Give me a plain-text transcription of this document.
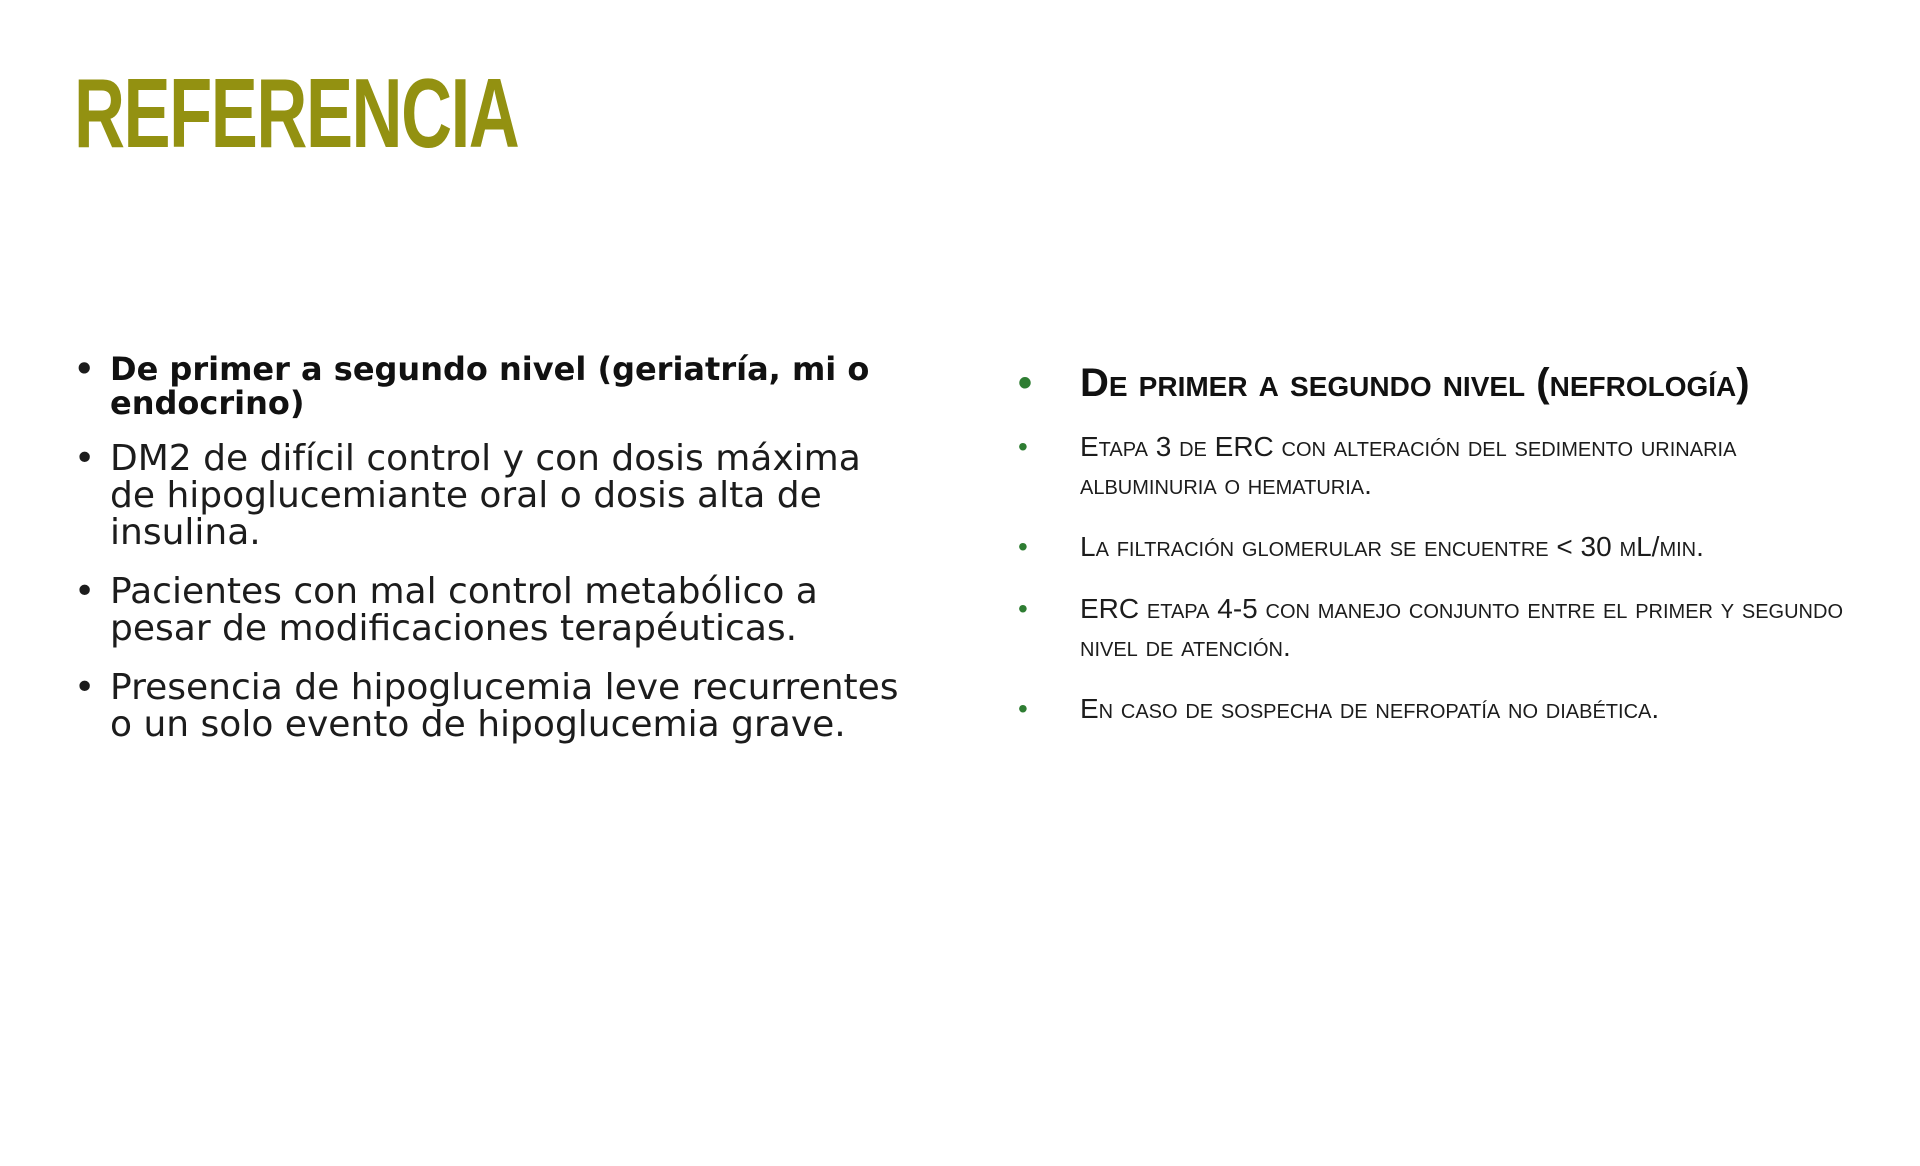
REFERENCIA
• De primer a segundo nivel (geriatría, mi o endocrino)
• DM2 de difícil control y con dosis máxima de hipoglucemiante oral o dosis alta de insulina.
• Pacientes con mal control metabólico a pesar de modificaciones terapéuticas.
• Presencia de hipoglucemia leve recurrentes o un solo evento de hipoglucemia grave.
• De primer a segundo nivel (nefrología)
• Etapa 3 de ERC con alteración del sedimento urinaria
albuminuria o hematuria.
• La filtración glomerular se encuentre < 30 mL/min.
• ERC etapa 4-5 con manejo conjunto entre el primer y segundo nivel de atención.
• En caso de sospecha de nefropatía no diabética.
